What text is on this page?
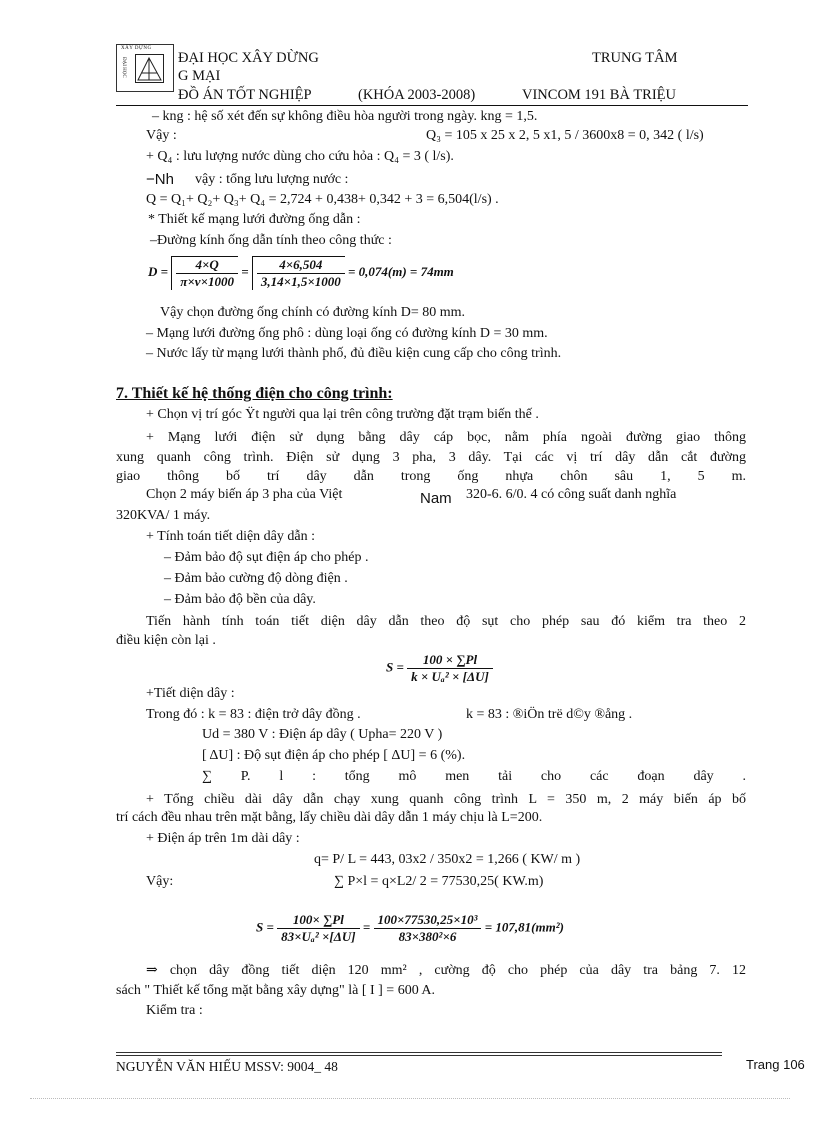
XÂY DỰNG
ĐẠI HỌC	ĐẠI HỌC XÂY DỪNG	TRUNG TÂM
G MẠI
ĐỒ ÁN TỐT NGHIỆP	(KHÓA 2003-2008)	VINCOM 191 BÀ TRIỆU
– kng : hệ số xét đến sự không điều hòa người trong ngày. kng = 1,5.
Vậy :	Q₃ = 105 x 25 x 2, 5 x1, 5 / 3600x8 = 0, 342 ( l/s)
+ Q₄ : lưu lượng nước dùng cho cứu hỏa : Q₄ = 3 ( l/s).
−Nh vậy : tổng lưu lượng nước :
Q = Q₁+ Q₂+ Q₃+ Q₄ = 2,724 + 0,438+ 0,342 + 3 = 6,504(l/s) .
* Thiết kế mạng lưới đường ống dẫn :
–Đường kính ống dẫn tính theo công thức :
$D = \frac{4\times Q}{\pi\times v\times 1000} = \frac{4\times 6,504}{3,14\times 1,5\times 1000} = 0,074(m) = 74mm$
Vậy chọn đường ống chính có đường kính D= 80 mm.
– Mạng lưới đường ống phô : dùng loại ống có đường kính D = 30 mm.
– Nước lấy từ mạng lưới thành phố, đủ điều kiện cung cấp cho công trình.
7. Thiết kế hệ thống điện cho công trình:
+ Chọn vị trí góc Ÿt người qua lại trên công trường đặt trạm biến thế .
+ Mạng lưới điện sử dụng bằng dây cáp bọc, nằm phía ngoài đường giao thông
xung quanh công trình. Điện sử dụng 3 pha, 3 dây. Tại các vị trí dây dẫn cắt đường
giao thông bố trí dây dẫn trong ống nhựa chôn sâu 1, 5 m.
Chọn 2 máy biến áp 3 pha của Việt	Nam 320-6. 6/0. 4 có công suất danh nghĩa
320KVA/ 1 máy.
+ Tính toán tiết diện dây dẫn :
– Đảm bảo độ sụt điện áp cho phép .
– Đảm bảo cường độ dòng điện .
– Đảm bảo độ bền của dây.
Tiến hành tính toán tiết diện dây dẫn theo độ sụt cho phép sau đó kiểm tra theo 2
điều kiện còn lại .
$S = \frac{100 \times \sum Pl}{\text{k × Uₐ² × [ΔU]}}$
+Tiết diện dây :
Trong đó : k = 83 : điện trở dây đồng .	k = 83 : ®iÖn trë d©y ®ång .
Ud = 380 V : Điện áp dây ( Upha= 220 V )
[ ΔU] : Độ sụt điện áp cho phép [ ΔU] = 6 (%).
∑ P. l : tổng mô men tải cho các đoạn dây .
+ Tổng chiều dài dây dẫn chạy xung quanh công trình L = 350 m, 2 máy biến áp bố
trí cách đều nhau trên mặt bằng, lấy chiều dài dây dẫn 1 máy chịu là L=200.
+ Điện áp trên 1m dài dây :
q= P/ L = 443, 03x2 / 350x2 = 1,266 ( KW/ m )
Vậy:	∑ P×l = q×L2/ 2 = 77530,25( KW.m)
$S = \frac{100\times \sum Pl}{\text{83×Uₐ² ×[ΔU]}} = \frac{\text{100×77530,25×10³}}{\text{83×380²×6}} = 107,81(mm^2)$
⇒ chọn dây đồng tiết diện 120 mm² , cường độ cho phép của dây tra bảng 7. 12
sách " Thiết kế tổng mặt bằng xây dựng" là [ I ] = 600 A.
Kiểm tra :
NGUYỄN VĂN HIẾU MSSV: 9004_ 48	Trang 106
